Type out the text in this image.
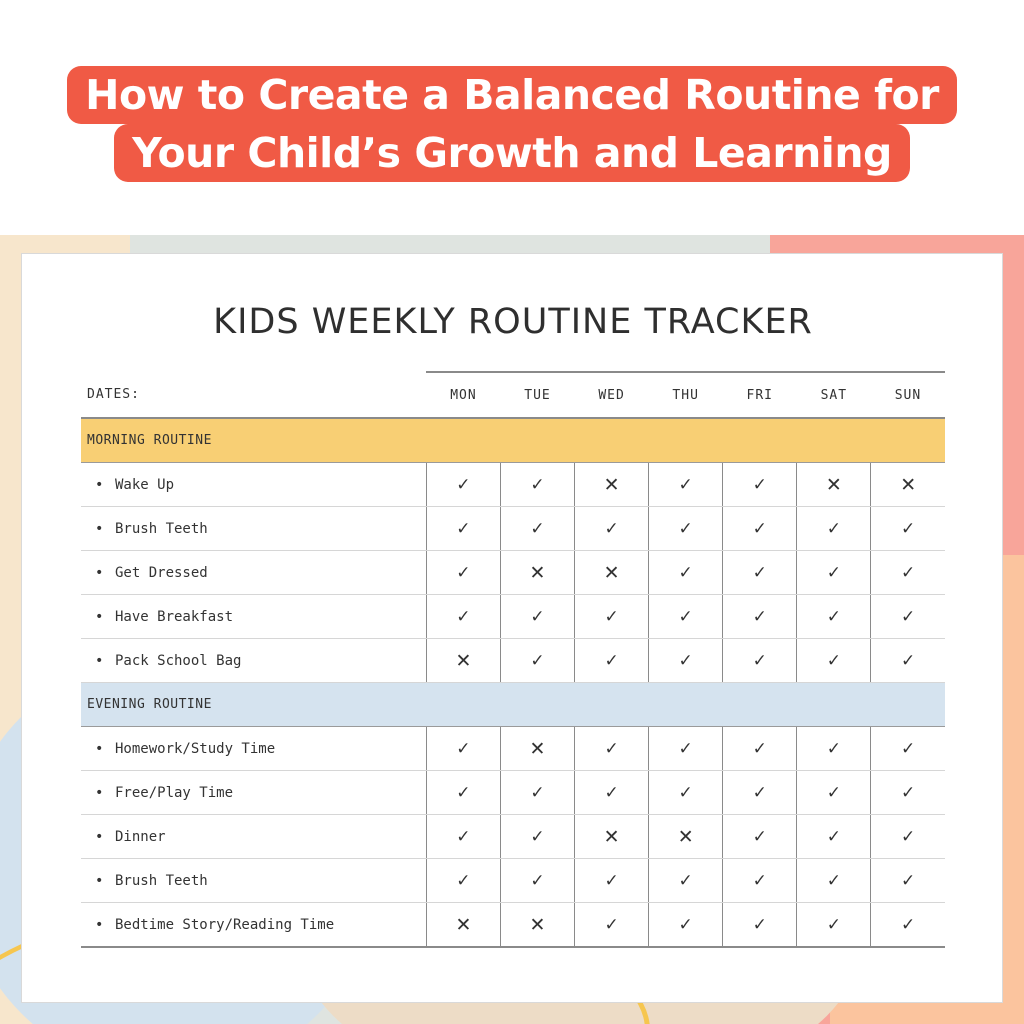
How to Create a Balanced Routine for
Your Child’s Growth and Learning
KIDS WEEKLY ROUTINE TRACKER
DATES:	MON	TUE	WED	THU	FRI	SAT	SUN
MORNING ROUTINE							
• Wake Up	✓	✓	✕	✓	✓	✕	✕
• Brush Teeth	✓	✓	✓	✓	✓	✓	✓
• Get Dressed	✓	✕	✕	✓	✓	✓	✓
• Have Breakfast	✓	✓	✓	✓	✓	✓	✓
• Pack School Bag	✕	✓	✓	✓	✓	✓	✓
EVENING ROUTINE							
• Homework/Study Time	✓	✕	✓	✓	✓	✓	✓
• Free/Play Time	✓	✓	✓	✓	✓	✓	✓
• Dinner	✓	✓	✕	✕	✓	✓	✓
• Brush Teeth	✓	✓	✓	✓	✓	✓	✓
• Bedtime Story/Reading Time	✕	✕	✓	✓	✓	✓	✓
